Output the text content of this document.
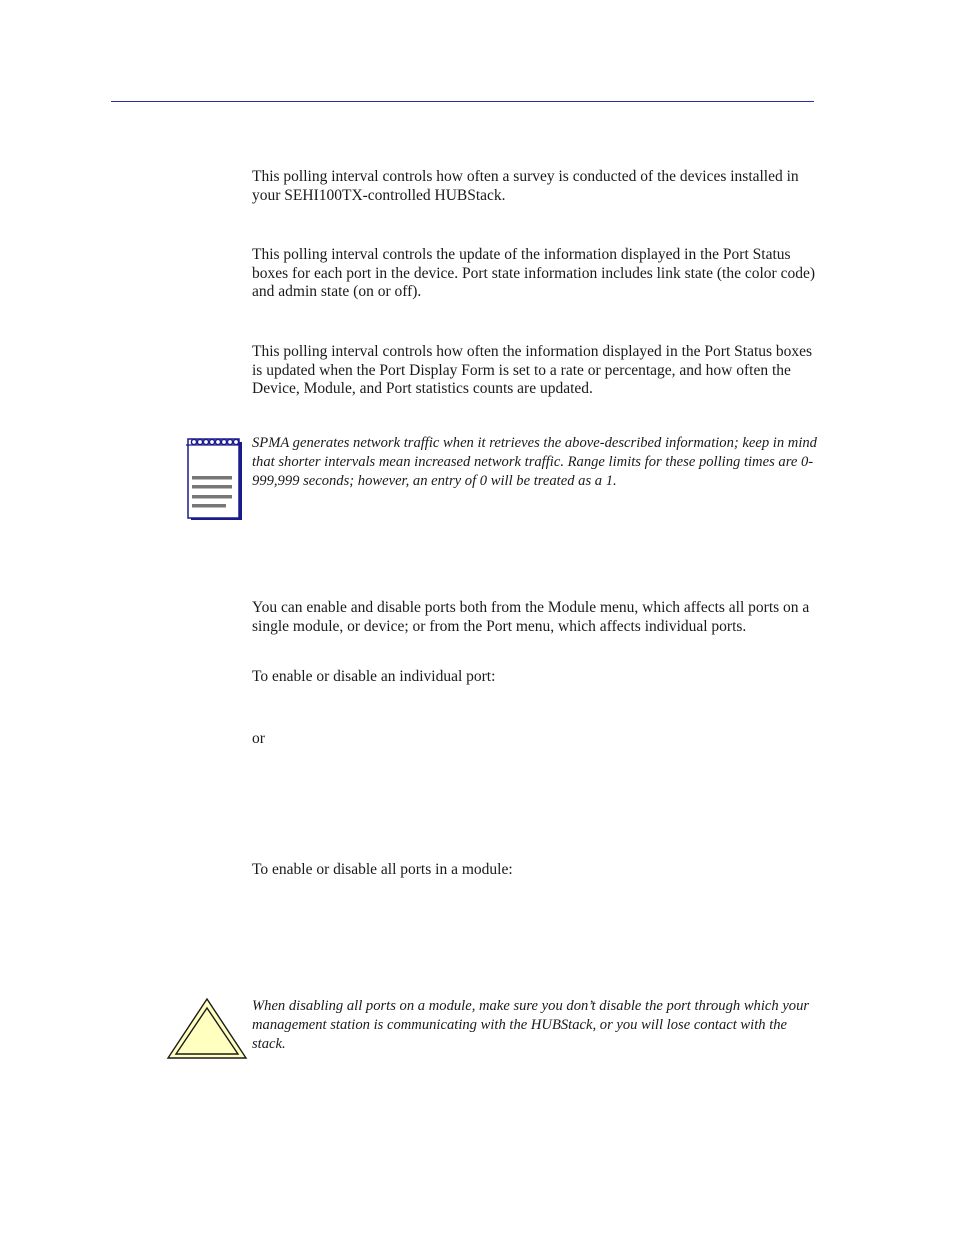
This polling interval controls how often a survey is conducted of the devices installed in your SEHI100TX-controlled HUBStack.

This polling interval controls the update of the information displayed in the Port Status boxes for each port in the device. Port state information includes link state (the color code) and admin state (on or off).

This polling interval controls how often the information displayed in the Port Status boxes is updated when the Port Display Form is set to a rate or percentage, and how often the Device, Module, and Port statistics counts are updated.

SPMA generates network traffic when it retrieves the above-described information; keep in mind that shorter intervals mean increased network traffic. Range limits for these polling times are 0-999,999 seconds; however, an entry of 0 will be treated as a 1.

You can enable and disable ports both from the Module menu, which affects all ports on a single module, or device; or from the Port menu, which affects individual ports.

To enable or disable an individual port:

or

To enable or disable all ports in a module:

When disabling all ports on a module, make sure you don’t disable the port through which your management station is communicating with the HUBStack, or you will lose contact with the stack.
